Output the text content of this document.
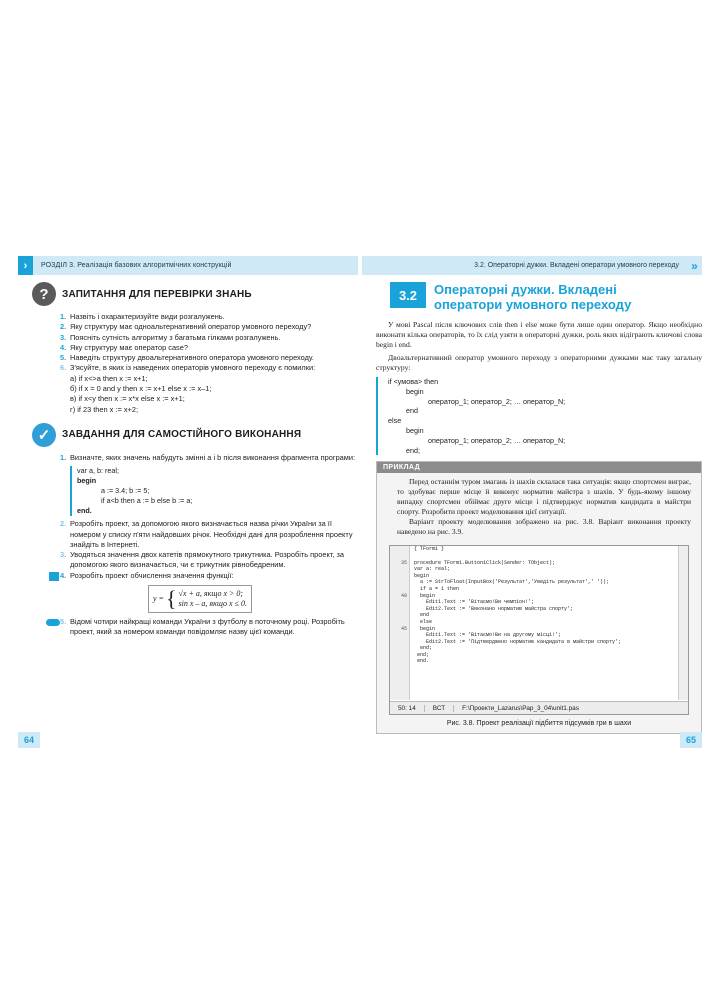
›	РОЗДІЛ 3. Реалізація базових алгоритмічних конструкцій	3.2. Операторні дужки. Вкладені оператори умовного переходу	»
?	ЗАПИТАННЯ ДЛЯ ПЕРЕВІРКИ ЗНАНЬ
1. Назвіть і охарактеризуйте види розгалужень.
2. Яку структуру має одноальтернативний оператор умовного переходу?
3. Поясніть сутність алгоритму з багатьма гілками розгалужень.
4. Яку структуру має оператор case?
5. Наведіть структуру двоальтернативного оператора умовного переходу.
6. З'ясуйте, в яких із наведених операторів умовного переходу є помилки:
а) if x<>a then x := x+1;
б) if x = 0 and y then x := x+1 else x := x–1;
в) if x<y then x := x*x else x := x+1;
г) if 23 then x := x+2;
✓	ЗАВДАННЯ ДЛЯ САМОСТІЙНОГО ВИКОНАННЯ
1. Визначте, яких значень набудуть змінні a і b після виконання фрагмента програми:
var a, b: real;
begin
a := 3.4; b := 5;
if a<b then a := b else b := a;
end.
2. Розробіть проект, за допомогою якого визначається назва річки України за її номером у списку п'яти найдовших річок. Необхідні дані для розроблення проекту знайдіть в Інтернеті.
3. Уводяться значення двох катетів прямокутного трикутника. Розробіть проект, за допомогою якого визначається, чи є трикутник рівнобедреним.
4. Розробіть проект обчислення значення функції:
y = { √x + a, якщо x > 0;
sin x – a, якщо x ≤ 0.
5. Відомі чотири найкращі команди України з футболу в поточному році. Розробіть проект, який за номером команди повідомляє назву цієї команди.
64
3.2	Операторні дужки. Вкладені
оператори умовного переходу

У мові Pascal після ключових слів then і else може бути лише один оператор. Якщо необхідно виконати кілька операторів, то їх слід узяти в операторні дужки, роль яких відіграють ключові слова begin і end.

Двоальтернативний оператор умовного переходу з операторними дужками має таку загальну структуру:

if <умова> then
begin
оператор_1; оператор_2; … оператор_N;
end
else
begin
оператор_1; оператор_2; … оператор_N;
end;
ПРИКЛАД

Перед останнім туром змагань із шахів склалася така ситуація: якщо спортсмен виграє, то здобуває перше місце й виконує норматив майстра з шахів. У будь-якому іншому випадку спортсмен обіймає друге місце і підтверджує норматив кандидата в майстри спорту. Розробити проект моделювання цієї ситуації.

Варіант проекту моделювання зображено на рис. 3.8. Варіант виконання проекту наведено на рис. 3.9.

35
40
45
{ TForm1 }
procedure TForm1.Button1Click(Sender: TObject);
var a: real;
begin
a := StrToFloat(InputBox('Результат','Уведіть результат',' '));
if a = 1 then
begin
Edit1.Text := 'Вітаємо!Ви чемпіон!';
Edit2.Text := 'Виконано норматив майстра спорту';
end
else
begin
Edit1.Text := 'Вітаємо!Ви на другому місці!';
Edit2.Text := 'Підтверджено норматив кандидата в майстри спорту';
end;
end;
end.
50: 14	ВСТ	F:\Проекти_Lazarus\Рар_3_04\unit1.pas
Рис. 3.8. Проект реалізації підбиття підсумків гри в шахи
65
